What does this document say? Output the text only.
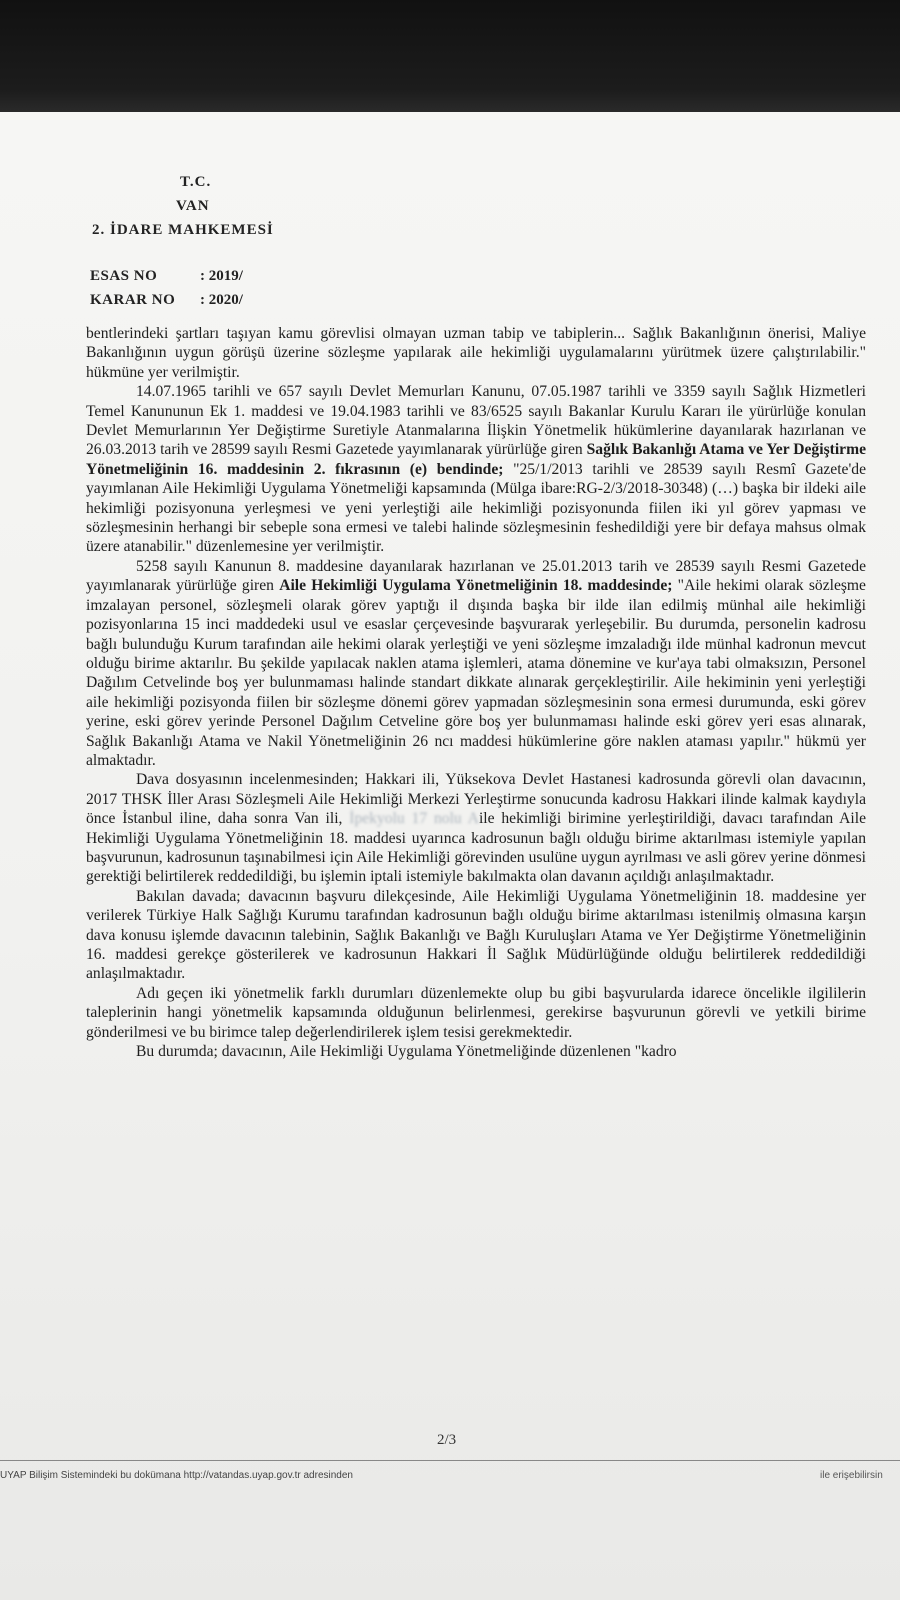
T.C.
VAN
2. İDARE MAHKEMESİ
ESAS NO	: 2019/
KARAR NO	: 2020/

bentlerindeki şartları taşıyan kamu görevlisi olmayan uzman tabip ve tabiplerin... Sağlık Bakanlığının önerisi, Maliye Bakanlığının uygun görüşü üzerine sözleşme yapılarak aile hekimliği uygulamalarını yürütmek üzere çalıştırılabilir." hükmüne yer verilmiştir.

14.07.1965 tarihli ve 657 sayılı Devlet Memurları Kanunu, 07.05.1987 tarihli ve 3359 sayılı Sağlık Hizmetleri Temel Kanununun Ek 1. maddesi ve 19.04.1983 tarihli ve 83/6525 sayılı Bakanlar Kurulu Kararı ile yürürlüğe konulan Devlet Memurlarının Yer Değiştirme Suretiyle Atanmalarına İlişkin Yönetmelik hükümlerine dayanılarak hazırlanan ve 26.03.2013 tarih ve 28599 sayılı Resmi Gazetede yayımlanarak yürürlüğe giren Sağlık Bakanlığı Atama ve Yer Değiştirme Yönetmeliğinin 16. maddesinin 2. fıkrasının (e) bendinde; "25/1/2013 tarihli ve 28539 sayılı Resmî Gazete'de yayımlanan Aile Hekimliği Uygulama Yönetmeliği kapsamında (Mülga ibare:RG-2/3/2018-30348) (…) başka bir ildeki aile hekimliği pozisyonuna yerleşmesi ve yeni yerleştiği aile hekimliği pozisyonunda fiilen iki yıl görev yapması ve sözleşmesinin herhangi bir sebeple sona ermesi ve talebi halinde sözleşmesinin feshedildiği yere bir defaya mahsus olmak üzere atanabilir." düzenlemesine yer verilmiştir.

5258 sayılı Kanunun 8. maddesine dayanılarak hazırlanan ve 25.01.2013 tarih ve 28539 sayılı Resmi Gazetede yayımlanarak yürürlüğe giren Aile Hekimliği Uygulama Yönetmeliğinin 18. maddesinde; "Aile hekimi olarak sözleşme imzalayan personel, sözleşmeli olarak görev yaptığı il dışında başka bir ilde ilan edilmiş münhal aile hekimliği pozisyonlarına 15 inci maddedeki usul ve esaslar çerçevesinde başvurarak yerleşebilir. Bu durumda, personelin kadrosu bağlı bulunduğu Kurum tarafından aile hekimi olarak yerleştiği ve yeni sözleşme imzaladığı ilde münhal kadronun mevcut olduğu birime aktarılır. Bu şekilde yapılacak naklen atama işlemleri, atama dönemine ve kur'aya tabi olmaksızın, Personel Dağılım Cetvelinde boş yer bulunmaması halinde standart dikkate alınarak gerçekleştirilir. Aile hekiminin yeni yerleştiği aile hekimliği pozisyonda fiilen bir sözleşme dönemi görev yapmadan sözleşmesinin sona ermesi durumunda, eski görev yerine, eski görev yerinde Personel Dağılım Cetveline göre boş yer bulunmaması halinde eski görev yeri esas alınarak, Sağlık Bakanlığı Atama ve Nakil Yönetmeliğinin 26 ncı maddesi hükümlerine göre naklen ataması yapılır." hükmü yer almaktadır.

Dava dosyasının incelenmesinden; Hakkari ili, Yüksekova Devlet Hastanesi kadrosunda görevli olan davacının, 2017 THSK İller Arası Sözleşmeli Aile Hekimliği Merkezi Yerleştirme sonucunda kadrosu Hakkari ilinde kalmak kaydıyla önce İstanbul iline, daha sonra Van ili, İpekyolu 17 nolu Aile hekimliği birimine yerleştirildiği, davacı tarafından Aile Hekimliği Uygulama Yönetmeliğinin 18. maddesi uyarınca kadrosunun bağlı olduğu birime aktarılması istemiyle yapılan başvurunun, kadrosunun taşınabilmesi için Aile Hekimliği görevinden usulüne uygun ayrılması ve asli görev yerine dönmesi gerektiği belirtilerek reddedildiği, bu işlemin iptali istemiyle bakılmakta olan davanın açıldığı anlaşılmaktadır.

Bakılan davada; davacının başvuru dilekçesinde, Aile Hekimliği Uygulama Yönetmeliğinin 18. maddesine yer verilerek Türkiye Halk Sağlığı Kurumu tarafından kadrosunun bağlı olduğu birime aktarılması istenilmiş olmasına karşın dava konusu işlemde davacının talebinin, Sağlık Bakanlığı ve Bağlı Kuruluşları Atama ve Yer Değiştirme Yönetmeliğinin 16. maddesi gerekçe gösterilerek ve kadrosunun Hakkari İl Sağlık Müdürlüğünde olduğu belirtilerek reddedildiği anlaşılmaktadır.

Adı geçen iki yönetmelik farklı durumları düzenlemekte olup bu gibi başvurularda idarece öncelikle ilgililerin taleplerinin hangi yönetmelik kapsamında olduğunun belirlenmesi, gerekirse başvurunun görevli ve yetkili birime gönderilmesi ve bu birimce talep değerlendirilerek işlem tesisi gerekmektedir.

Bu durumda; davacının, Aile Hekimliği Uygulama Yönetmeliğinde düzenlenen "kadro

2/3
UYAP Bilişim Sistemindeki bu dokümana http://vatandas.uyap.gov.tr adresinden	ile erişebilirsin
